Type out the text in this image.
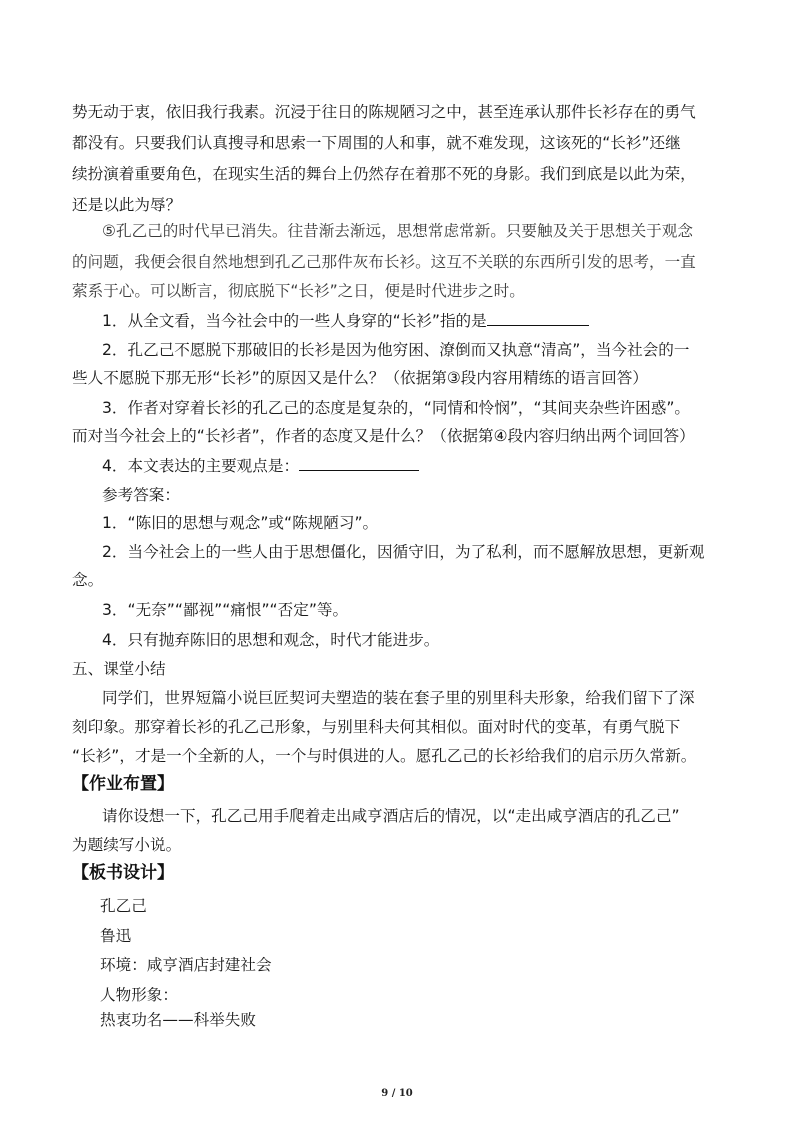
势无动于衷，依旧我行我素。沉浸于往日的陈规陋习之中，甚至连承认那件长衫存在的勇气
都没有。只要我们认真搜寻和思索一下周围的人和事，就不难发现，这该死的“长衫”还继
续扮演着重要角色，在现实生活的舞台上仍然存在着那不死的身影。我们到底是以此为荣，
还是以此为辱？
⑤孔乙己的时代早已消失。往昔渐去渐远，思想常虑常新。只要触及关于思想关于观念
的问题，我便会很自然地想到孔乙己那件灰布长衫。这互不关联的东西所引发的思考，一直
萦系于心。可以断言，彻底脱下“长衫”之日，便是时代进步之时。
1．从全文看，当今社会中的一些人身穿的“长衫”指的是
2．孔乙己不愿脱下那破旧的长衫是因为他穷困、潦倒而又执意“清高”，当今社会的一
些人不愿脱下那无形“长衫”的原因又是什么？（依据第③段内容用精练的语言回答）
3．作者对穿着长衫的孔乙己的态度是复杂的，“同情和怜悯”，“其间夹杂些许困惑”。
而对当今社会上的“长衫者”，作者的态度又是什么？（依据第④段内容归纳出两个词回答）
4．本文表达的主要观点是：
参考答案：
1．“陈旧的思想与观念”或“陈规陋习”。
2．当今社会上的一些人由于思想僵化，因循守旧，为了私利，而不愿解放思想，更新观
念。
3．“无奈”“鄙视”“痛恨”“否定”等。
4．只有抛弃陈旧的思想和观念，时代才能进步。
五、课堂小结
同学们，世界短篇小说巨匠契诃夫塑造的装在套子里的别里科夫形象，给我们留下了深
刻印象。那穿着长衫的孔乙己形象，与别里科夫何其相似。面对时代的变革，有勇气脱下
“长衫”，才是一个全新的人，一个与时俱进的人。愿孔乙己的长衫给我们的启示历久常新。
【作业布置】
请你设想一下，孔乙己用手爬着走出咸亨酒店后的情况，以“走出咸亨酒店的孔乙己”
为题续写小说。
【板书设计】
孔乙己
鲁迅
环境：咸亨酒店封建社会
人物形象：
热衷功名——科举失败
9 / 10
